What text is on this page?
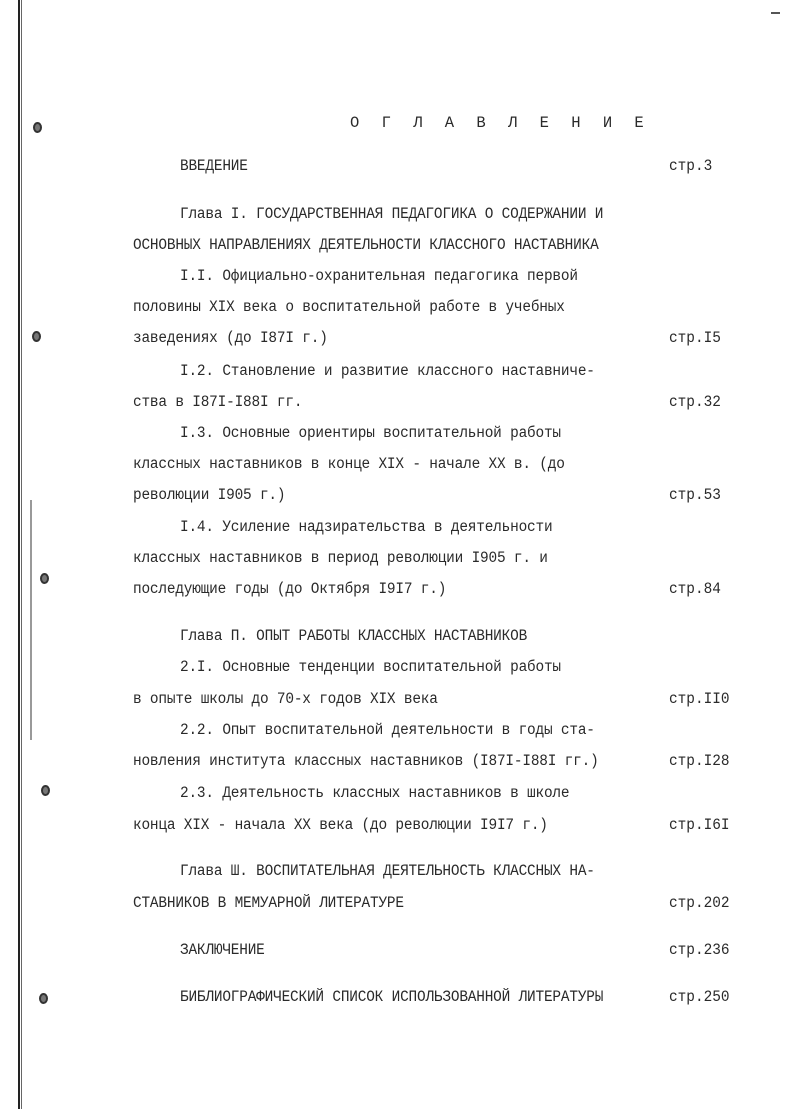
О Г Л А В Л Е Н И Е
ВВЕДЕНИЕ	стр.3
Глава I. ГОСУДАРСТВЕННАЯ ПЕДАГОГИКА О СОДЕРЖАНИИ И
ОСНОВНЫХ НАПРАВЛЕНИЯХ ДЕЯТЕЛЬНОСТИ КЛАССНОГО НАСТАВНИКА
I.I. Официально-охранительная педагогика первой
половины XIX века о воспитательной работе в учебных
заведениях (до I87I г.)	стр.I5
I.2. Становление и развитие классного наставниче-
ства в I87I-I88I гг.	стр.32
I.3. Основные ориентиры воспитательной работы
классных наставников в конце XIX - начале XX в. (до
революции I905 г.)	стр.53
I.4. Усиление надзирательства в деятельности
классных наставников в период революции I905 г. и
последующие годы (до Октября I9I7 г.)	стр.84
Глава П. ОПЫТ РАБОТЫ КЛАССНЫХ НАСТАВНИКОВ
2.I. Основные тенденции воспитательной работы
в опыте школы до 70-х годов XIX века	стр.II0
2.2. Опыт воспитательной деятельности в годы ста-
новления института классных наставников (I87I-I88I гг.)	стр.I28
2.3. Деятельность классных наставников в школе
конца XIX - начала XX века (до революции I9I7 г.)	стр.I6I
Глава Ш. ВОСПИТАТЕЛЬНАЯ ДЕЯТЕЛЬНОСТЬ КЛАССНЫХ НА-
СТАВНИКОВ В МЕМУАРНОЙ ЛИТЕРАТУРЕ	стр.202
ЗАКЛЮЧЕНИЕ	стр.236
БИБЛИОГРАФИЧЕСКИЙ СПИСОК ИСПОЛЬЗОВАННОЙ ЛИТЕРАТУРЫ	стр.250
